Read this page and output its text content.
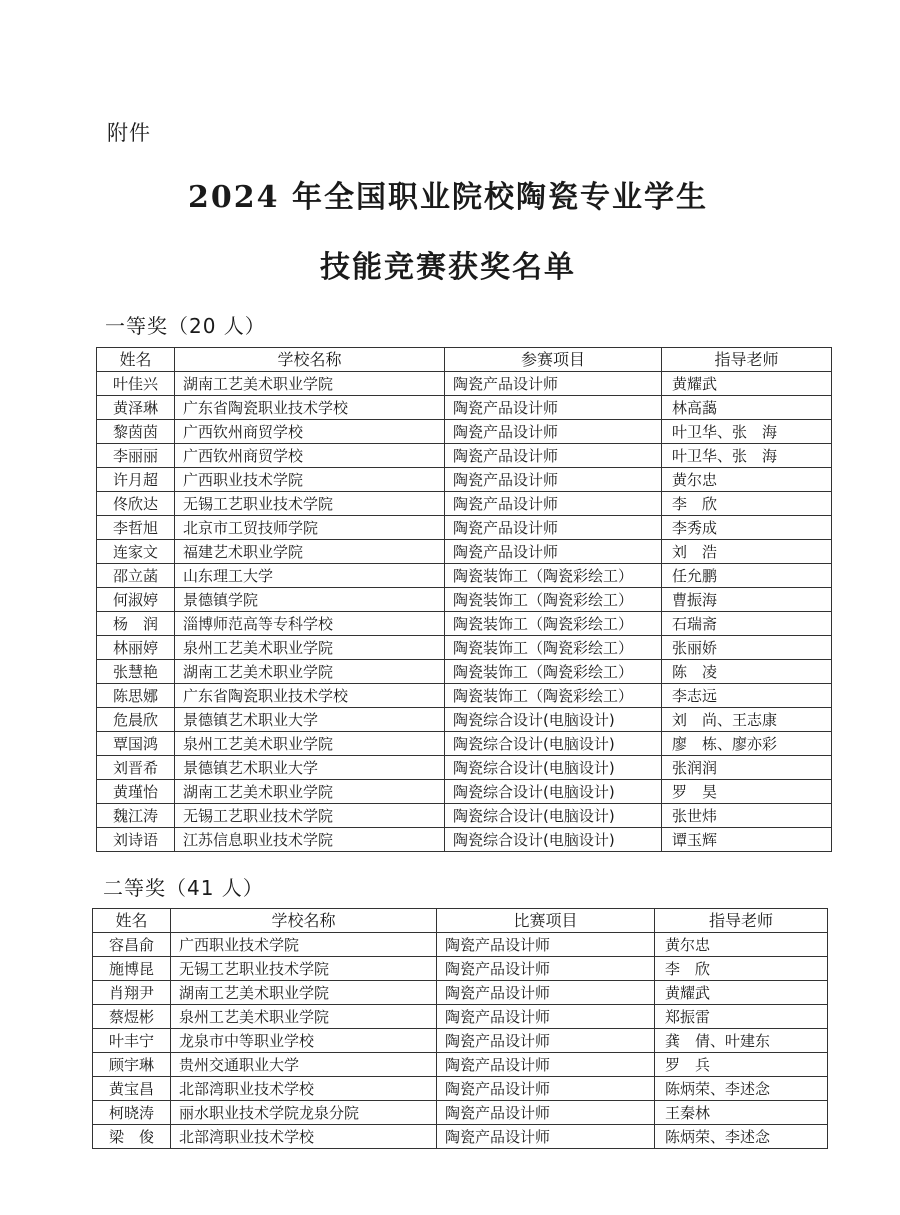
附件
2024 年全国职业院校陶瓷专业学生
技能竞赛获奖名单
一等奖（20 人）
姓名	学校名称	参赛项目	指导老师
叶佳兴	湖南工艺美术职业学院	陶瓷产品设计师	黄耀武
黄泽琳	广东省陶瓷职业技术学校	陶瓷产品设计师	林高藹
黎茵茵	广西钦州商贸学校	陶瓷产品设计师	叶卫华、张　海
李丽丽	广西钦州商贸学校	陶瓷产品设计师	叶卫华、张　海
许月超	广西职业技术学院	陶瓷产品设计师	黄尔忠
佟欣达	无锡工艺职业技术学院	陶瓷产品设计师	李　欣
李哲旭	北京市工贸技师学院	陶瓷产品设计师	李秀成
连家文	福建艺术职业学院	陶瓷产品设计师	刘　浩
邵立菡	山东理工大学	陶瓷装饰工（陶瓷彩绘工）	任允鹏
何淑婷	景德镇学院	陶瓷装饰工（陶瓷彩绘工）	曹振海
杨　润	淄博师范高等专科学校	陶瓷装饰工（陶瓷彩绘工）	石瑞斋
林丽婷	泉州工艺美术职业学院	陶瓷装饰工（陶瓷彩绘工）	张丽娇
张慧艳	湖南工艺美术职业学院	陶瓷装饰工（陶瓷彩绘工）	陈　凌
陈思娜	广东省陶瓷职业技术学校	陶瓷装饰工（陶瓷彩绘工）	李志远
危晨欣	景德镇艺术职业大学	陶瓷综合设计(电脑设计)	刘　尚、王志康
覃国鸿	泉州工艺美术职业学院	陶瓷综合设计(电脑设计)	廖　栋、廖亦彩
刘晋希	景德镇艺术职业大学	陶瓷综合设计(电脑设计)	张润润
黄瑾怡	湖南工艺美术职业学院	陶瓷综合设计(电脑设计)	罗　昊
魏江涛	无锡工艺职业技术学院	陶瓷综合设计(电脑设计)	张世炜
刘诗语	江苏信息职业技术学院	陶瓷综合设计(电脑设计)	谭玉辉
二等奖（41 人）
姓名	学校名称	比赛项目	指导老师
容昌俞	广西职业技术学院	陶瓷产品设计师	黄尔忠
施博昆	无锡工艺职业技术学院	陶瓷产品设计师	李　欣
肖翔尹	湖南工艺美术职业学院	陶瓷产品设计师	黄耀武
蔡煜彬	泉州工艺美术职业学院	陶瓷产品设计师	郑振雷
叶丰宁	龙泉市中等职业学校	陶瓷产品设计师	龚　倩、叶建东
顾宇琳	贵州交通职业大学	陶瓷产品设计师	罗　兵
黄宝昌	北部湾职业技术学校	陶瓷产品设计师	陈炳荣、李述念
柯晓涛	丽水职业技术学院龙泉分院	陶瓷产品设计师	王秦林
梁　俊	北部湾职业技术学校	陶瓷产品设计师	陈炳荣、李述念
